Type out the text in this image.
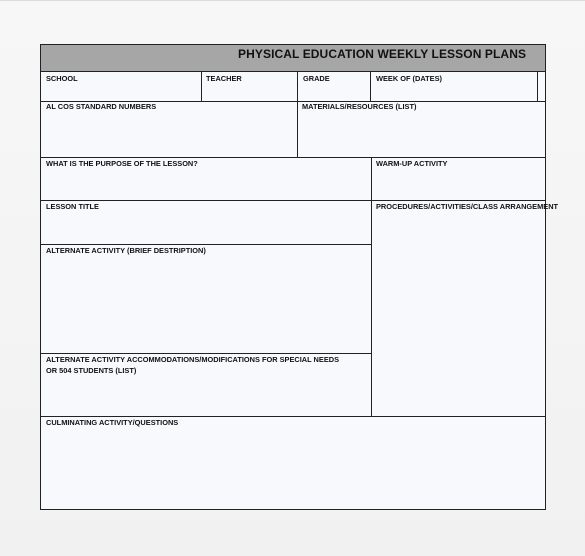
PHYSICAL EDUCATION WEEKLY LESSON PLANS
SCHOOL	TEACHER	GRADE	WEEK OF (DATES)
AL COS STANDARD NUMBERS	MATERIALS/RESOURCES (LIST)
WHAT IS THE PURPOSE OF THE LESSON?	WARM-UP ACTIVITY
LESSON TITLE	PROCEDURES/ACTIVITIES/CLASS ARRANGEMENT
ALTERNATE ACTIVITY (BRIEF DESTRIPTION)
ALTERNATE ACTIVITY ACCOMMODATIONS/MODIFICATIONS FOR SPECIAL NEEDS OR 504 STUDENTS (LIST)
CULMINATING ACTIVITY/QUESTIONS
